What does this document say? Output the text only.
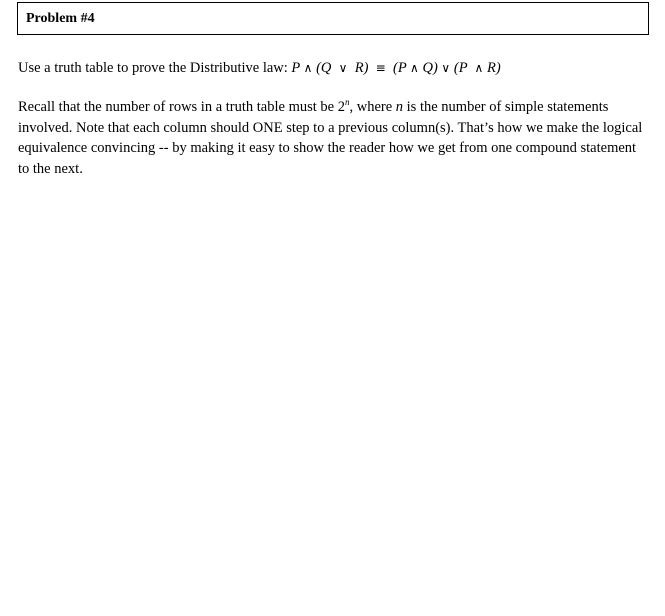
Problem #4
Use a truth table to prove the Distributive law: P ∧ (Q ∨ R) ≡ (P ∧ Q) ∨ (P ∧ R)

Recall that the number of rows in a truth table must be 2$^n$, where n is the number of simple statements involved. Note that each column should ONE step to a previous column(s). That’s how we make the logical equivalence convincing -- by making it easy to show the reader how we get from one compound statement to the next.
